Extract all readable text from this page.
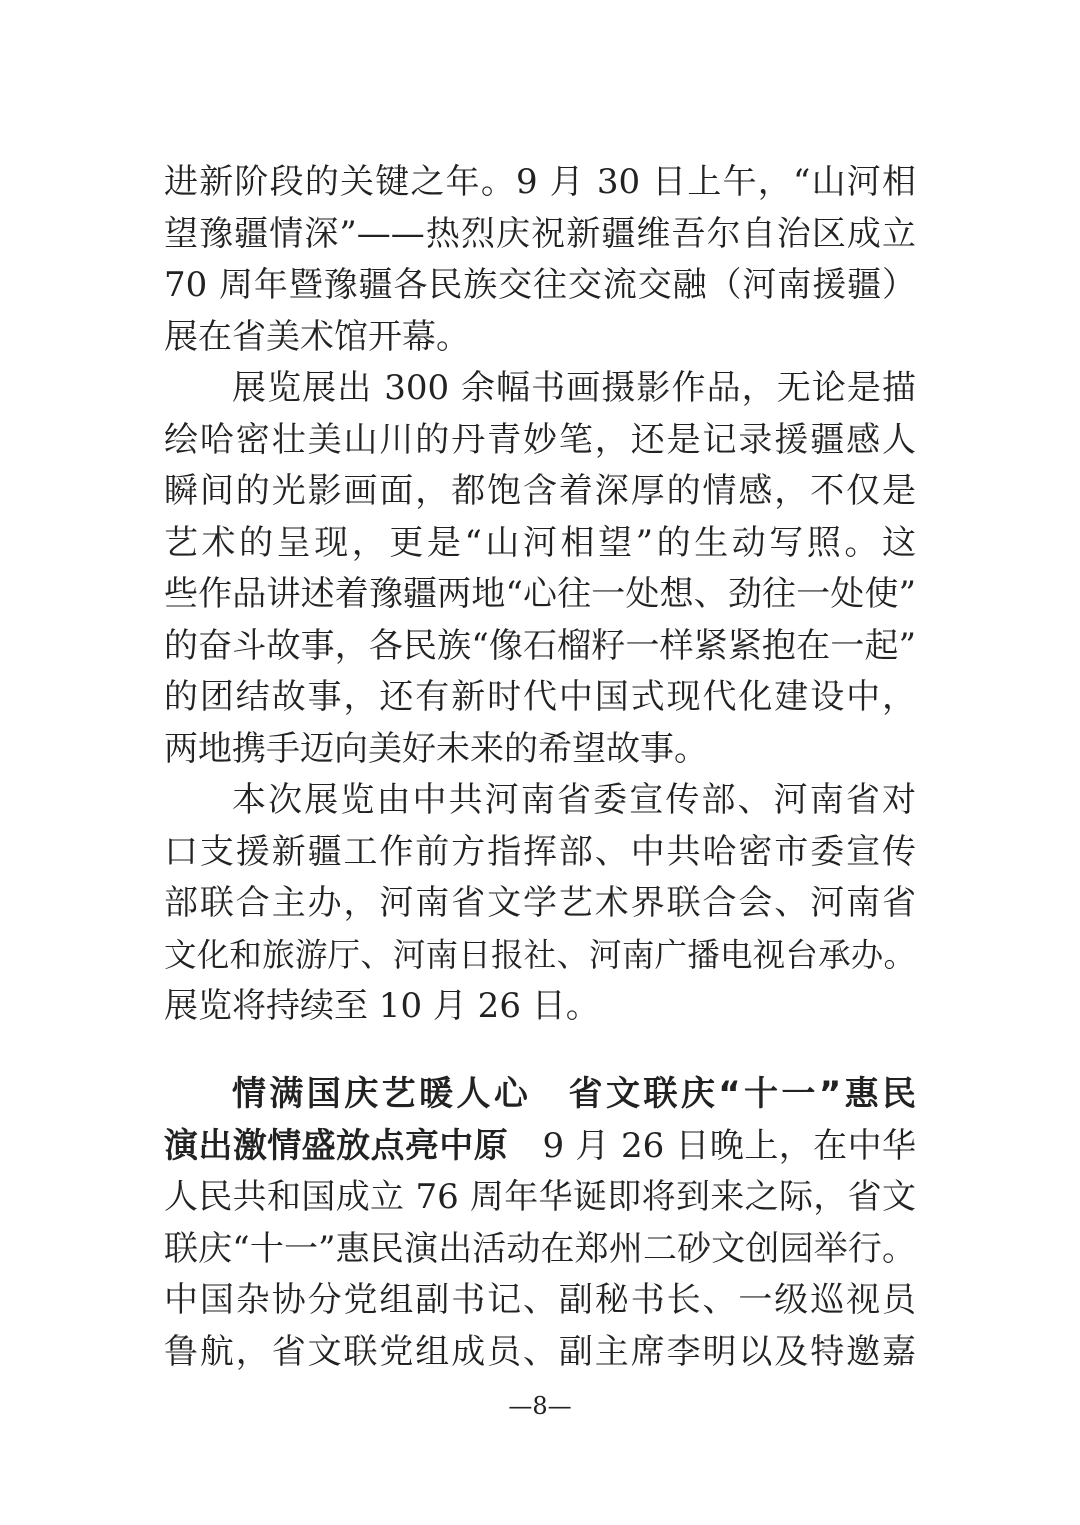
进新阶段的关键之年。9 月 30 日上午，“山河相
望豫疆情深”——热烈庆祝新疆维吾尔自治区成立
70 周年暨豫疆各民族交往交流交融（河南援疆）
展在省美术馆开幕。
展览展出 300 余幅书画摄影作品，无论是描
绘哈密壮美山川的丹青妙笔，还是记录援疆感人
瞬间的光影画面，都饱含着深厚的情感，不仅是
艺术的呈现，更是“山河相望”的生动写照。这
些作品讲述着豫疆两地“心往一处想、劲往一处使”
的奋斗故事，各民族“像石榴籽一样紧紧抱在一起”
的团结故事，还有新时代中国式现代化建设中，
两地携手迈向美好未来的希望故事。
本次展览由中共河南省委宣传部、河南省对
口支援新疆工作前方指挥部、中共哈密市委宣传
部联合主办，河南省文学艺术界联合会、河南省
文化和旅游厅、河南日报社、河南广播电视台承办。
展览将持续至 10 月 26 日。
情满国庆艺暖人心　省文联庆“十一”惠民
演出激情盛放点亮中原　9 月 26 日晚上，在中华
人民共和国成立 76 周年华诞即将到来之际，省文
联庆“十一”惠民演出活动在郑州二砂文创园举行。
中国杂协分党组副书记、副秘书长、一级巡视员
鲁航，省文联党组成员、副主席李明以及特邀嘉
—8—
